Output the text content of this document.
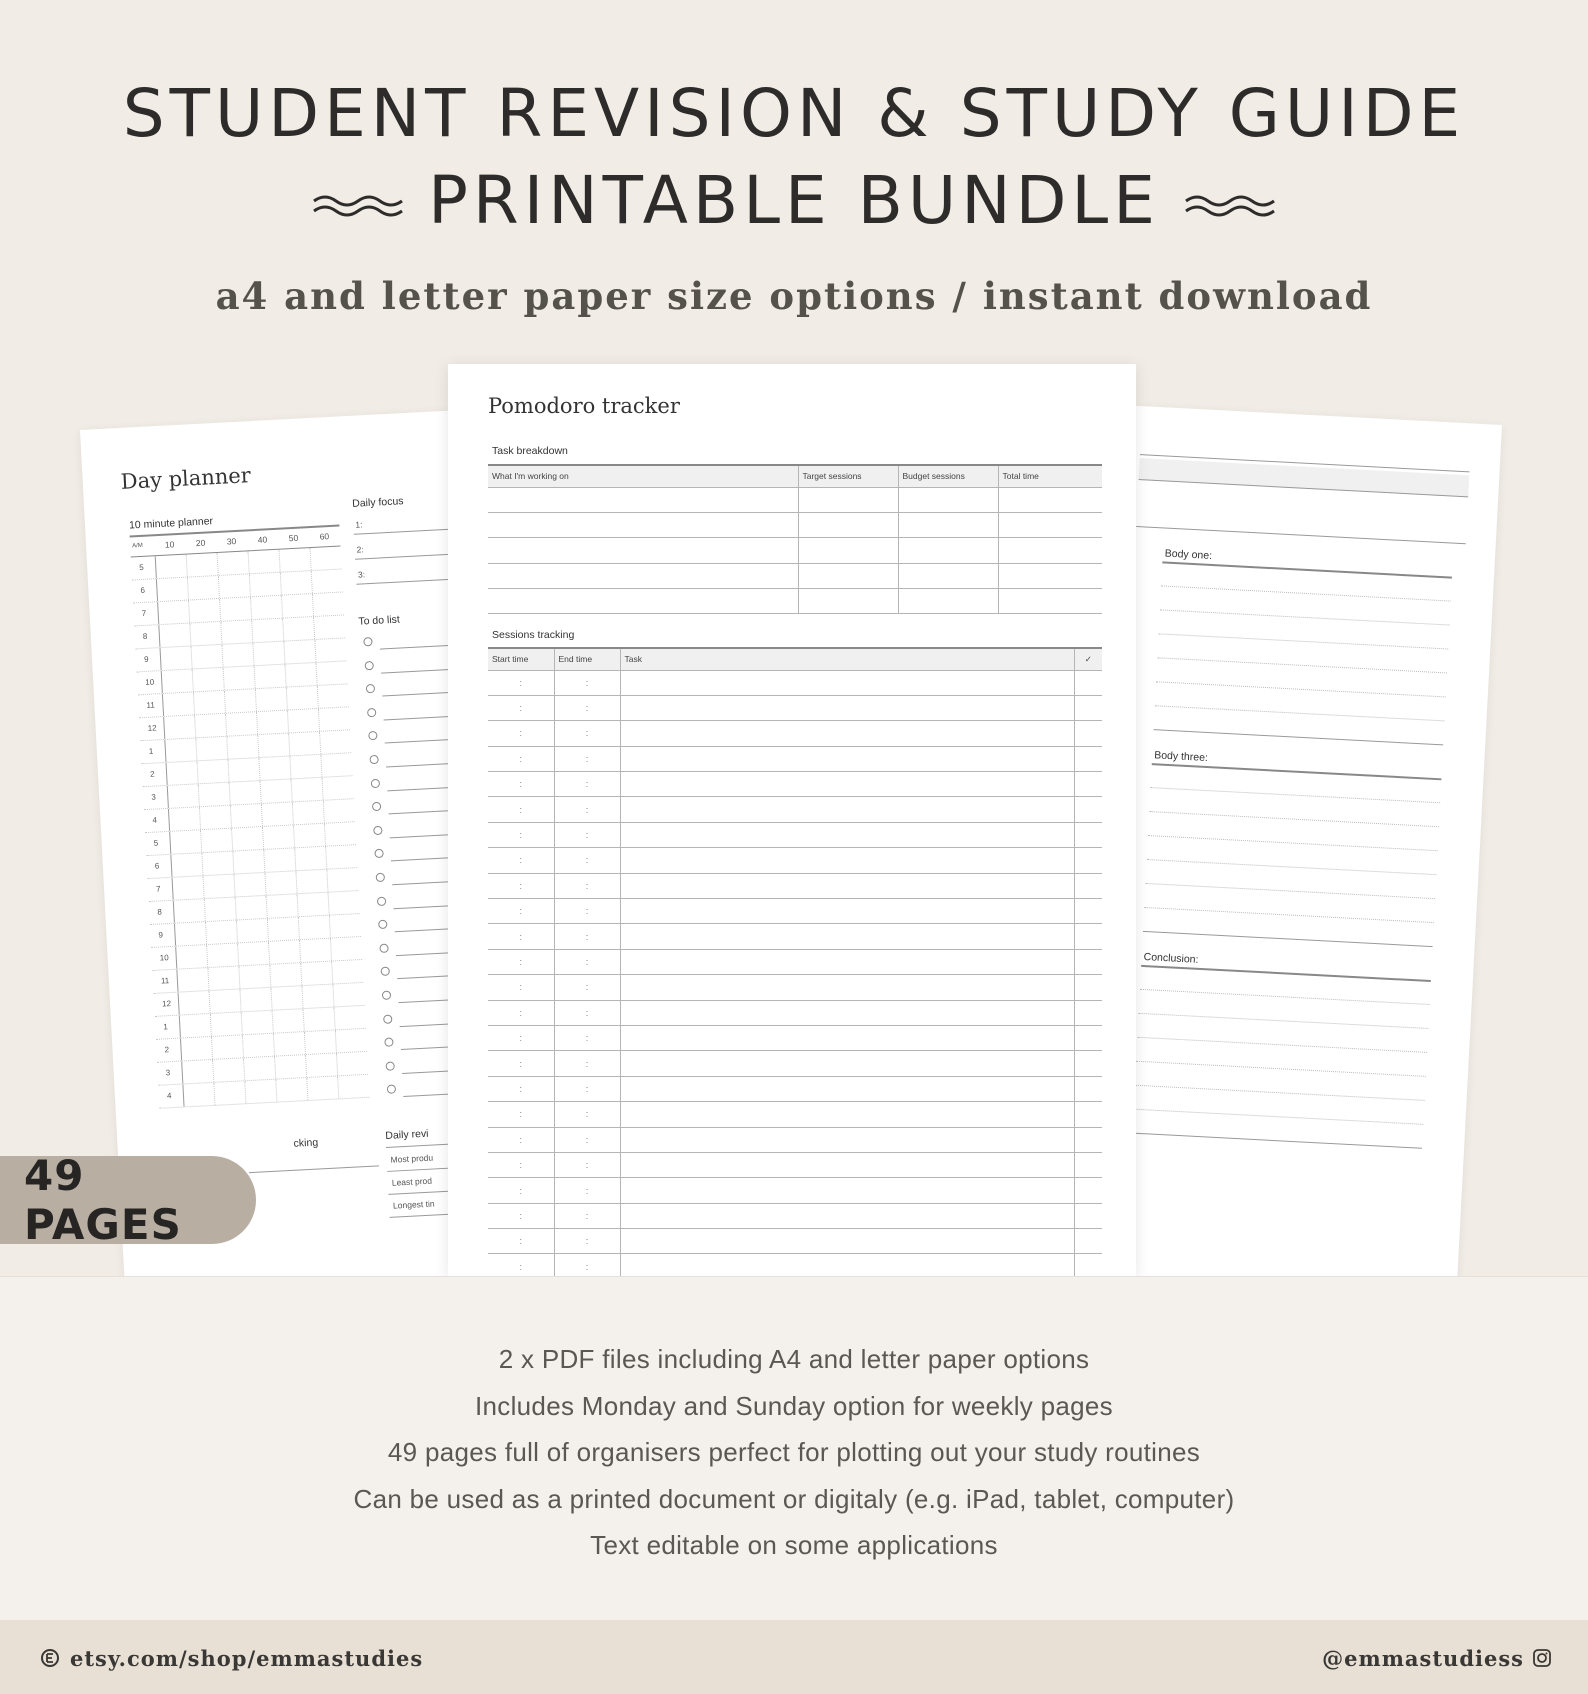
STUDENT REVISION & STUDY GUIDE
PRINTABLE BUNDLE
a4 and letter paper size options / instant download
Day planner
10 minute planner
A/M	10	20	30	40	50	60
5
6
7
8
9
10
11
12
1
2
3
4
5
6
7
8
9
10
11
12
1
2
3
4
Daily focus
To do list
cking
Daily revi
1:
2:
3:
Most produ
Least prod
Longest tin
Body one:
Body three:
Conclusion:
Pomodoro tracker
Task breakdown
What I'm working on	Target sessions	Budget sessions	Total time

Sessions tracking
Start time	End time	Task	✓
:	:		
:	:		
:	:		
:	:		
:	:		
:	:		
:	:		
:	:		
:	:		
:	:		
:	:		
:	:		
:	:		
:	:		
:	:		
:	:		
:	:		
:	:		
:	:		
:	:		
:	:		
:	:		
:	:		
:	:		
49 PAGES
2 x PDF files including A4 and letter paper options
Includes Monday and Sunday option for weekly pages
49 pages full of organisers perfect for plotting out your study routines
Can be used as a printed document or digitaly (e.g. iPad, tablet, computer)
Text editable on some applications
etsy.com/shop/emmastudies	@emmastudiess
